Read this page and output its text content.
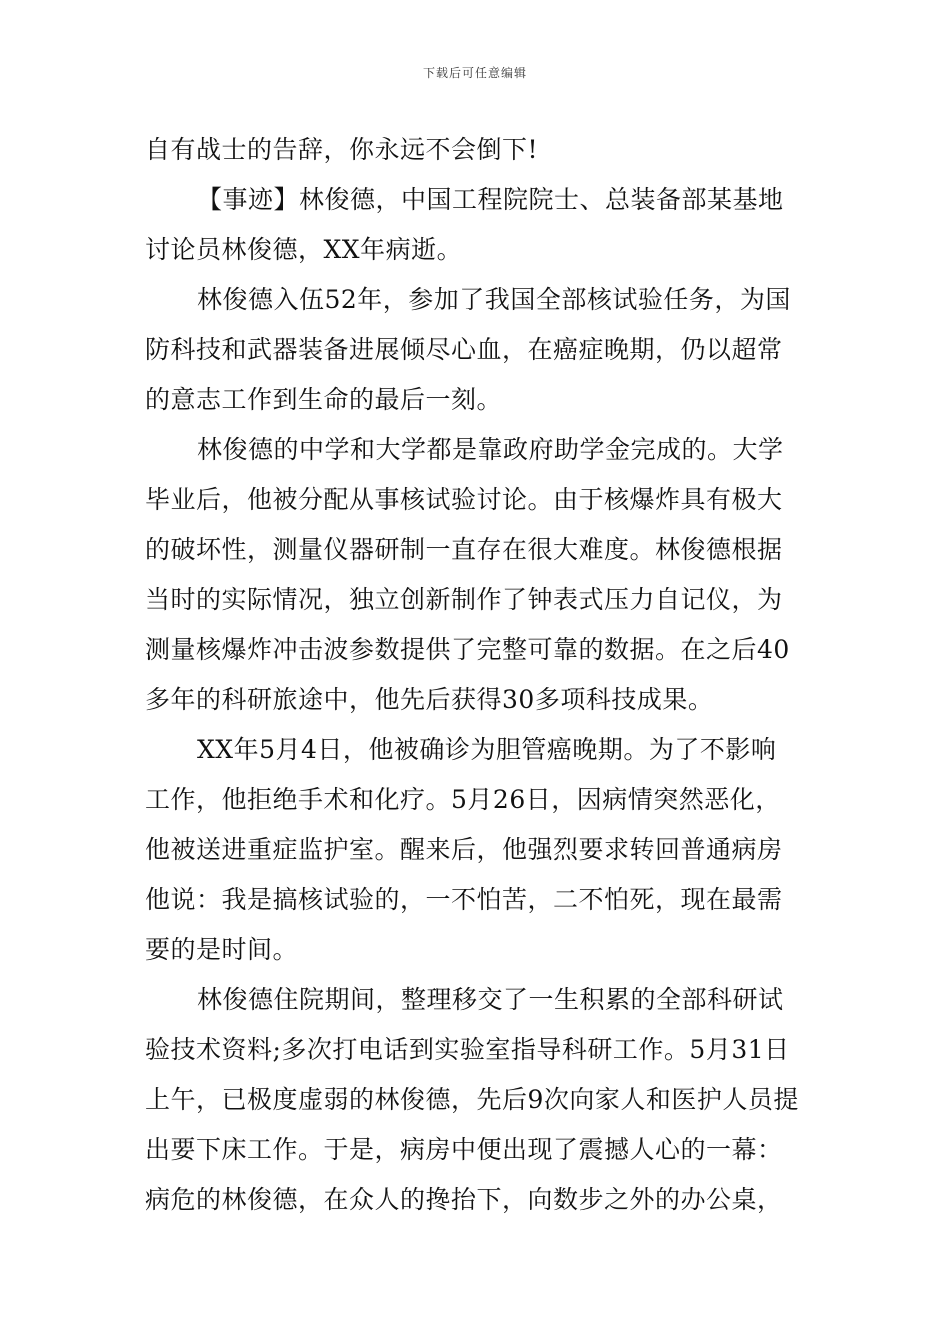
下载后可任意编辑
自有战士的告辞，你永远不会倒下!
【事迹】林俊德，中国工程院院士、总装备部某基地
讨论员林俊德，XX年病逝。
林俊德入伍52年，参加了我国全部核试验任务，为国
防科技和武器装备进展倾尽心血，在癌症晚期，仍以超常
的意志工作到生命的最后一刻。
林俊德的中学和大学都是靠政府助学金完成的。大学
毕业后，他被分配从事核试验讨论。由于核爆炸具有极大
的破坏性，测量仪器研制一直存在很大难度。林俊德根据
当时的实际情况，独立创新制作了钟表式压力自记仪，为
测量核爆炸冲击波参数提供了完整可靠的数据。在之后40
多年的科研旅途中，他先后获得30多项科技成果。
XX年5月4日，他被确诊为胆管癌晚期。为了不影响
工作，他拒绝手术和化疗。5月26日，因病情突然恶化，
他被送进重症监护室。醒来后，他强烈要求转回普通病房
他说：我是搞核试验的，一不怕苦，二不怕死，现在最需
要的是时间。
林俊德住院期间，整理移交了一生积累的全部科研试
验技术资料;多次打电话到实验室指导科研工作。5月31日
上午，已极度虚弱的林俊德，先后9次向家人和医护人员提
出要下床工作。于是，病房中便出现了震撼人心的一幕：
病危的林俊德，在众人的搀抬下，向数步之外的办公桌，
